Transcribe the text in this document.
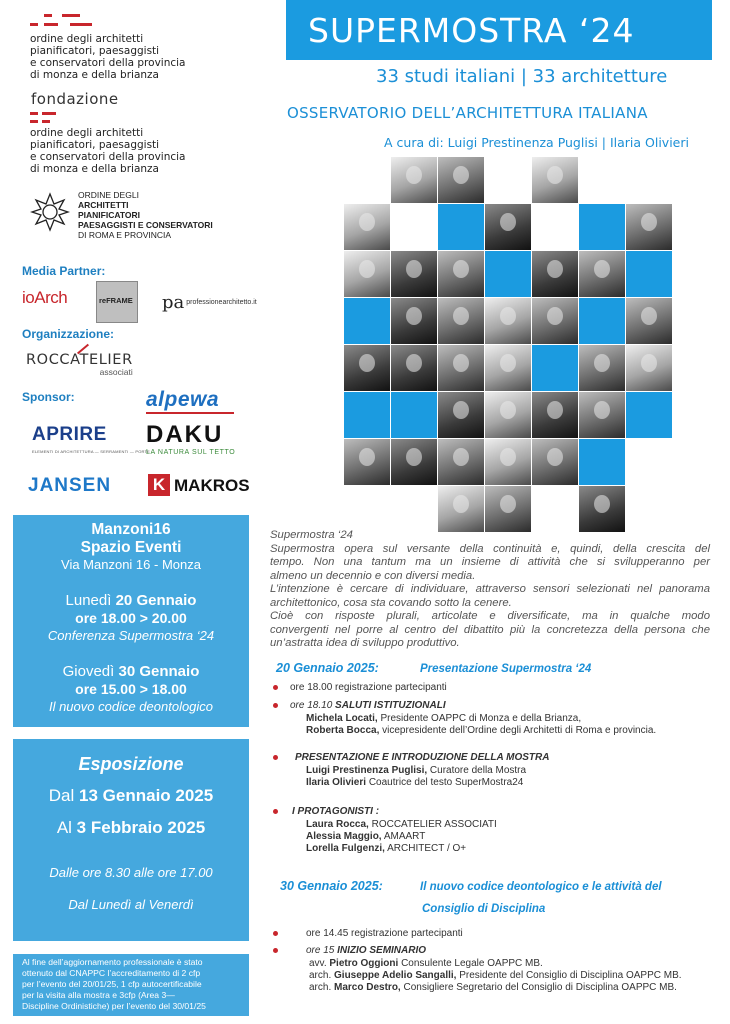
ordine degli architetti
pianificatori, paesaggisti
e conservatori della provincia
di monza e della brianza
fondazione
ordine degli architetti
pianificatori, paesaggisti
e conservatori della provincia
di monza e della brianza
ORDINE DEGLI
ARCHITETTI
PIANIFICATORI
PAESAGGISTI E CONSERVATORI
DI ROMA E PROVINCIA
Media Partner:
ioArch	reFRAME pa professionearchitetto.it
Organizzazione:
ROCCATELIER
associati
Sponsor:	alpewa
APRIRE
ELEMENTI DI ARCHITETTURA — SERRAMENTI — PORTE
DAKU
LA NATURA SUL TETTO
JANSEN K MAKROS
Manzoni16
Spazio Eventi
Via Manzoni 16 - Monza
Lunedì 20 Gennaio
ore 18.00 > 20.00
Conferenza Supermostra ‘24
Giovedì 30 Gennaio
ore 15.00 > 18.00
Il nuovo codice deontologico
Esposizione
Dal 13 Gennaio 2025
Al 3 Febbraio 2025
Dalle ore 8.30 alle ore 17.00
Dal Lunedì al Venerdì
Al fine dell’aggiornamento professionale è stato
ottenuto dal CNAPPC l’accreditamento di 2 cfp
per l’evento del 20/01/25, 1 cfp autocertificabile
per la visita alla mostra e 3cfp (Area 3—
Discipline Ordinistiche) per l’evento del 30/01/25
SUPERMOSTRA ‘24
33 studi italiani | 33 architetture
OSSERVATORIO DELL’ARCHITETTURA ITALIANA
A cura di: Luigi Prestinenza Puglisi | Ilaria Olivieri
Supermostra ‘24
Supermostra opera sul versante della continuità e, quindi, della crescita del
tempo. Non una tantum ma un insieme di attività che si svilupperanno per
almeno un decennio e con diversi media.
L’intenzione è cercare di individuare, attraverso sensori selezionati nel panorama
architettonico, cosa sta covando sotto la cenere.
Cioè con risposte plurali, articolate e diversificate, ma in qualche modo
convergenti nel porre al centro del dibattito più la concretezza della persona che
un’astratta idea di sviluppo produttivo.
20 Gennaio 2025:	Presentazione Supermostra ‘24
ore 18.00 registrazione partecipanti
ore 18.10 SALUTI ISTITUZIONALI
Michela Locati, Presidente OAPPC di Monza e della Brianza,
Roberta Bocca, vicepresidente dell’Ordine degli Architetti di Roma e provincia.
PRESENTAZIONE E INTRODUZIONE DELLA MOSTRA
Luigi Prestinenza Puglisi, Curatore della Mostra
Ilaria Olivieri Coautrice del testo SuperMostra24
I PROTAGONISTI :
Laura Rocca, ROCCATELIER ASSOCIATI
Alessia Maggio, AMAART
Lorella Fulgenzi, ARCHITECT / O+
30 Gennaio 2025:	Il nuovo codice deontologico e le attività del
Consiglio di Disciplina
ore 14.45 registrazione partecipanti
ore 15 INIZIO SEMINARIO
avv. Pietro Oggioni Consulente Legale OAPPC MB.
arch. Giuseppe Adelio Sangalli, Presidente del Consiglio di Disciplina OAPPC MB.
arch. Marco Destro, Consigliere Segretario del Consiglio di Disciplina OAPPC MB.
